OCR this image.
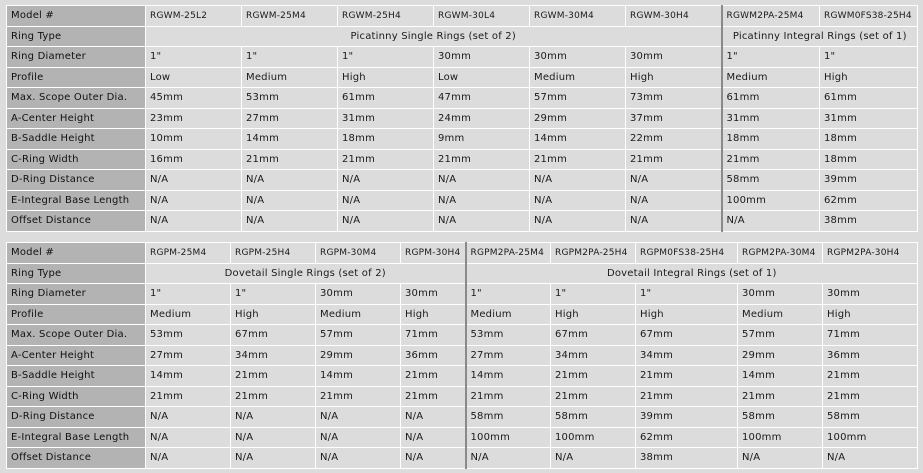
Model #	RGWM-25L2	RGWM-25M4	RGWM-25H4	RGWM-30L4	RGWM-30M4	RGWM-30H4	RGWM2PA-25M4	RGWM0FS38-25H4
Ring Type	Picatinny Single Rings (set of 2)						Picatinny Integral Rings (set of 1)	
Ring Diameter	1"	1"	1"	30mm	30mm	30mm	1"	1"
Profile	Low	Medium	High	Low	Medium	High	Medium	High
Max. Scope Outer Dia.	45mm	53mm	61mm	47mm	57mm	73mm	61mm	61mm
A-Center Height	23mm	27mm	31mm	24mm	29mm	37mm	31mm	31mm
B-Saddle Height	10mm	14mm	18mm	9mm	14mm	22mm	18mm	18mm
C-Ring Width	16mm	21mm	21mm	21mm	21mm	21mm	21mm	18mm
D-Ring Distance	N/A	N/A	N/A	N/A	N/A	N/A	58mm	39mm
E-Integral Base Length	N/A	N/A	N/A	N/A	N/A	N/A	100mm	62mm
Offset Distance	N/A	N/A	N/A	N/A	N/A	N/A	N/A	38mm
Model #	RGPM-25M4	RGPM-25H4	RGPM-30M4	RGPM-30H4	RGPM2PA-25M4	RGPM2PA-25H4	RGPM0FS38-25H4	RGPM2PA-30M4	RGPM2PA-30H4
Ring Type	Dovetail Single Rings (set of 2)				Dovetail Integral Rings (set of 1)				
Ring Diameter	1"	1"	30mm	30mm	1"	1"	1"	30mm	30mm
Profile	Medium	High	Medium	High	Medium	High	High	Medium	High
Max. Scope Outer Dia.	53mm	67mm	57mm	71mm	53mm	67mm	67mm	57mm	71mm
A-Center Height	27mm	34mm	29mm	36mm	27mm	34mm	34mm	29mm	36mm
B-Saddle Height	14mm	21mm	14mm	21mm	14mm	21mm	21mm	14mm	21mm
C-Ring Width	21mm	21mm	21mm	21mm	21mm	21mm	21mm	21mm	21mm
D-Ring Distance	N/A	N/A	N/A	N/A	58mm	58mm	39mm	58mm	58mm
E-Integral Base Length	N/A	N/A	N/A	N/A	100mm	100mm	62mm	100mm	100mm
Offset Distance	N/A	N/A	N/A	N/A	N/A	N/A	38mm	N/A	N/A
